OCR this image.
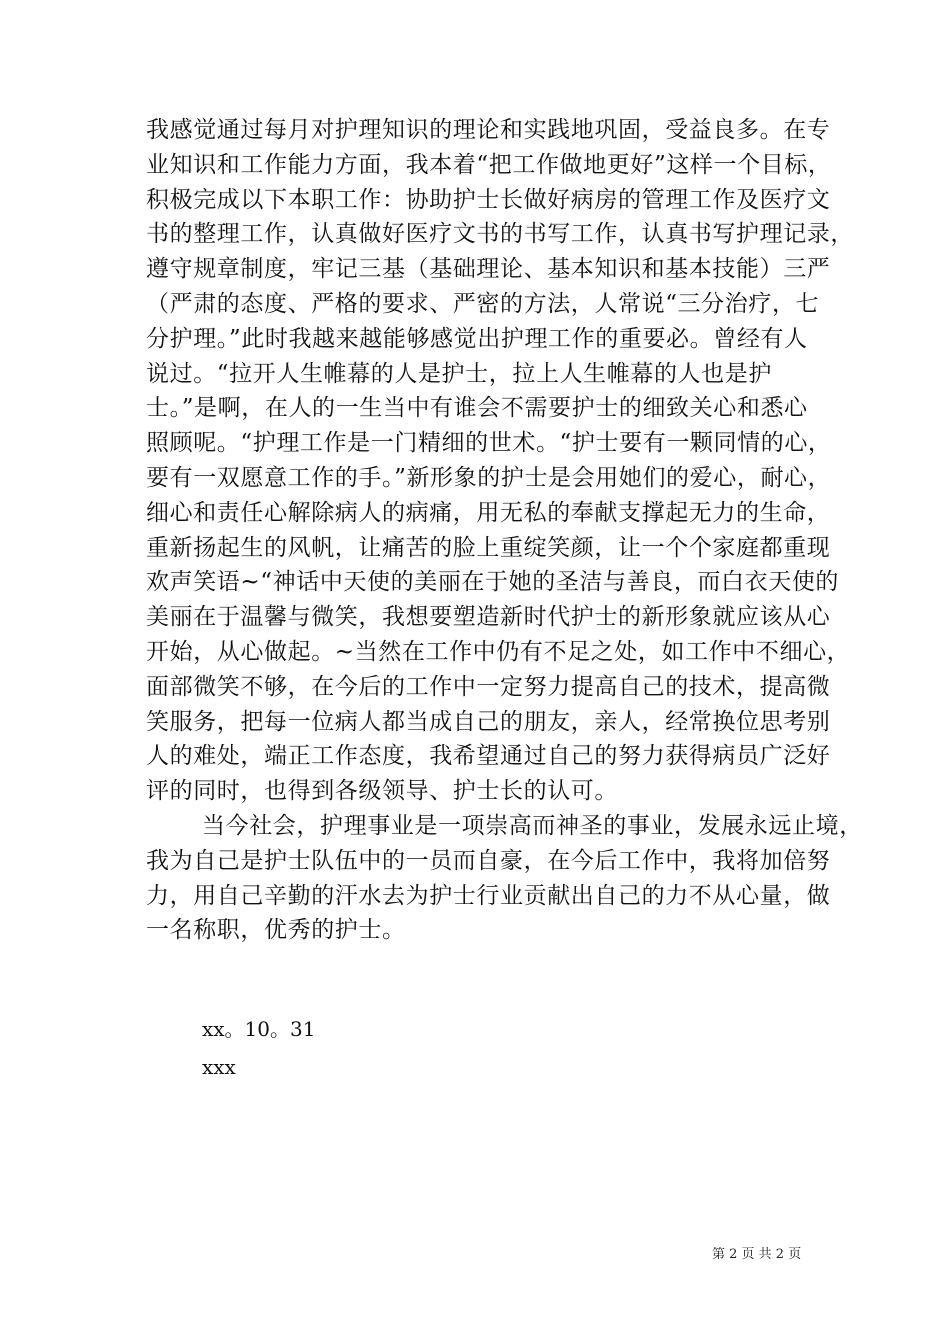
我感觉通过每月对护理知识的理论和实践地巩固，受益良多。在专
业知识和工作能力方面，我本着“把工作做地更好”这样一个目标，
积极完成以下本职工作：协助护士长做好病房的管理工作及医疗文
书的整理工作，认真做好医疗文书的书写工作，认真书写护理记录，
遵守规章制度，牢记三基（基础理论、基本知识和基本技能）三严
（严肃的态度、严格的要求、严密的方法，人常说“三分治疗，七
分护理。”此时我越来越能够感觉出护理工作的重要必。曾经有人
说过。“拉开人生帷幕的人是护士，拉上人生帷幕的人也是护
士。”是啊，在人的一生当中有谁会不需要护士的细致关心和悉心
照顾呢。“护理工作是一门精细的世术。“护士要有一颗同情的心，
要有一双愿意工作的手。”新形象的护士是会用她们的爱心，耐心，
细心和责任心解除病人的病痛，用无私的奉献支撑起无力的生命，
重新扬起生的风帆，让痛苦的脸上重绽笑颜，让一个个家庭都重现
欢声笑语~“神话中天使的美丽在于她的圣洁与善良，而白衣天使的
美丽在于温馨与微笑，我想要塑造新时代护士的新形象就应该从心
开始，从心做起。~当然在工作中仍有不足之处，如工作中不细心，
面部微笑不够，在今后的工作中一定努力提高自己的技术，提高微
笑服务，把每一位病人都当成自己的朋友，亲人，经常换位思考别
人的难处，端正工作态度，我希望通过自己的努力获得病员广泛好
评的同时，也得到各级领导、护士长的认可。
当今社会，护理事业是一项崇高而神圣的事业，发展永远止境，
我为自己是护士队伍中的一员而自豪，在今后工作中，我将加倍努
力，用自己辛勤的汗水去为护士行业贡献出自己的力不从心量，做
一名称职，优秀的护士。
xx。10。31
xxx
第 2 页 共 2 页
